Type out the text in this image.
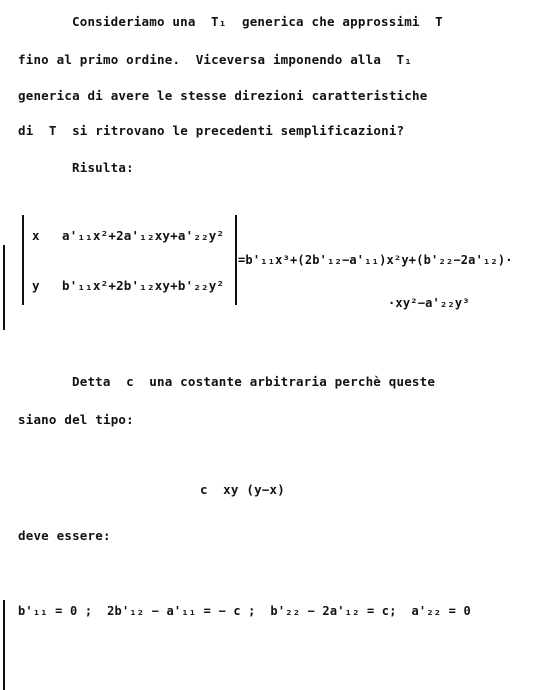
Consideriamo una  T₁  generica che approssimi  T
fino al primo ordine.  Viceversa imponendo alla  T₁
generica di avere le stesse direzioni caratteristiche
di  T  si ritrovano le precedenti semplificazioni?
Risulta:
x a'₁₁x²+2a'₁₂xy+a'₂₂y²
y b'₁₁x²+2b'₁₂xy+b'₂₂y²
=b'₁₁x³+(2b'₁₂−a'₁₁)x²y+(b'₂₂−2a'₁₂)·
·xy²−a'₂₂y³
Detta  c  una costante arbitraria perchè queste
siano del tipo:
c  xy (y−x)
deve essere:
b'₁₁ = 0 ;  2b'₁₂ − a'₁₁ = − c ;  b'₂₂ − 2a'₁₂ = c;  a'₂₂ = 0
